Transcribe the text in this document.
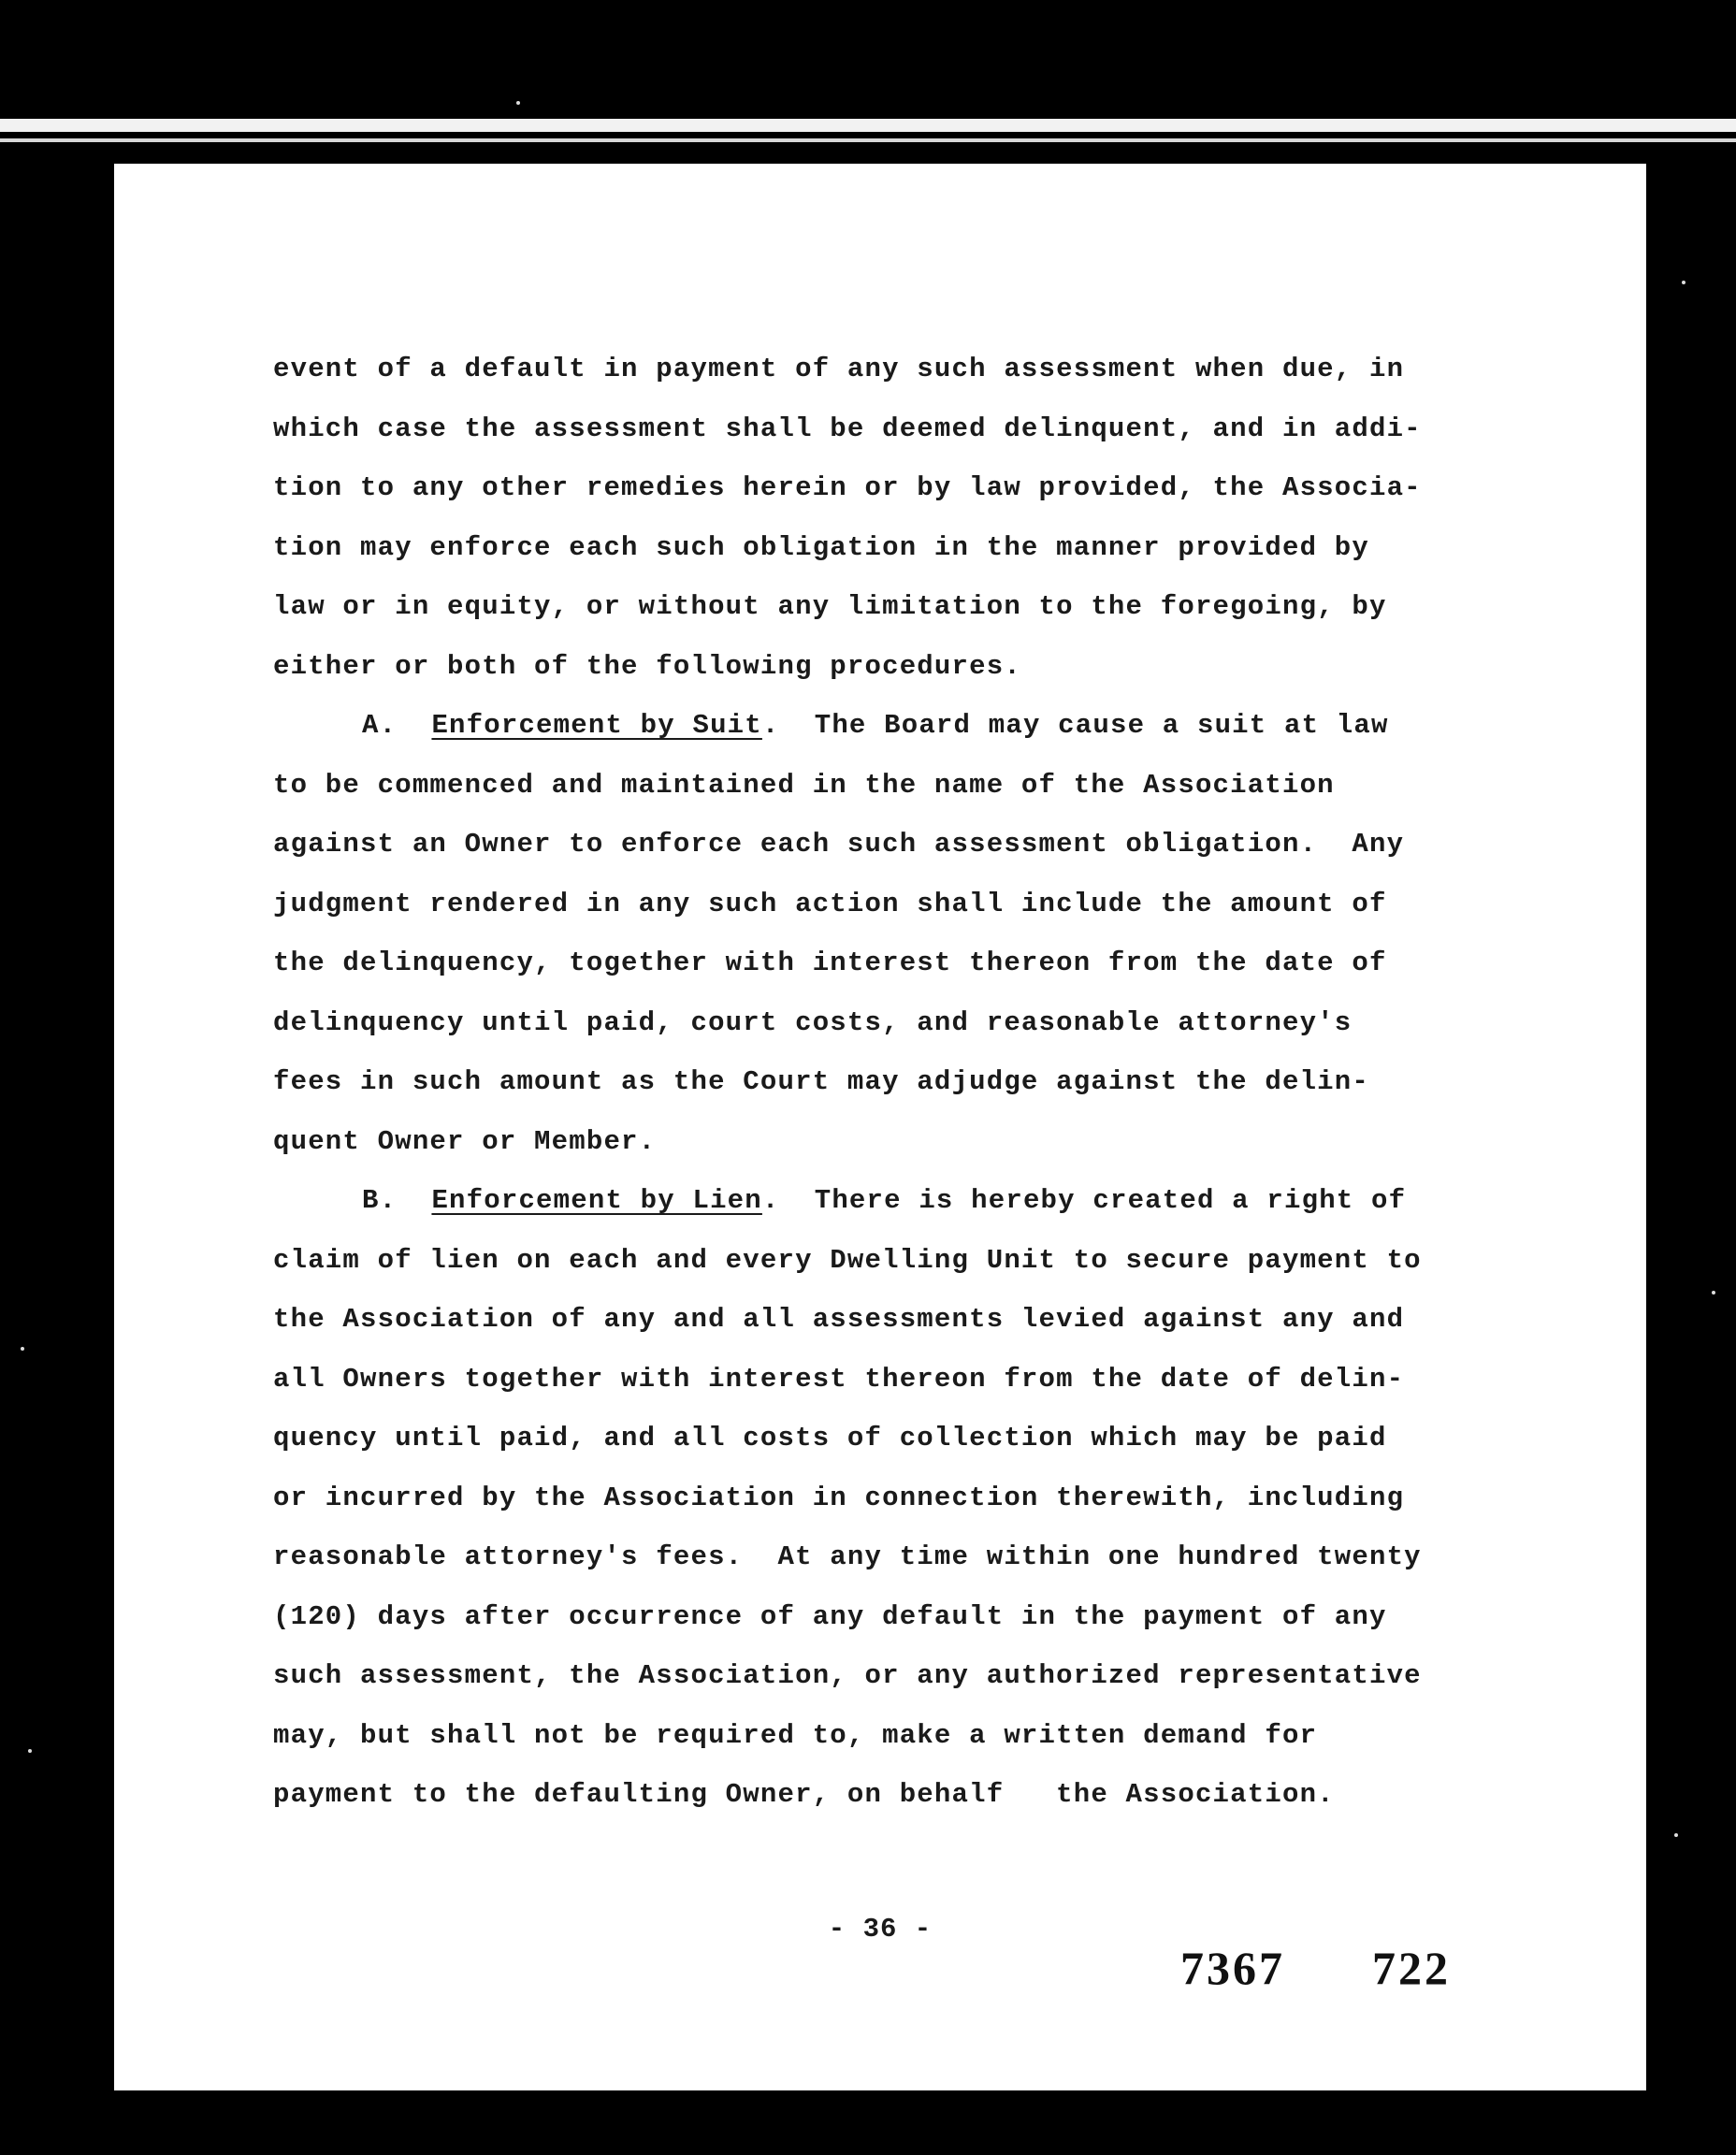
event of a default in payment of any such assessment when due, in
which case the assessment shall be deemed delinquent, and in addi-
tion to any other remedies herein or by law provided, the Associa-
tion may enforce each such obligation in the manner provided by
law or in equity, or without any limitation to the foregoing, by
either or both of the following procedures.
A. Enforcement by Suit.  The Board may cause a suit at law
to be commenced and maintained in the name of the Association
against an Owner to enforce each such assessment obligation.  Any
judgment rendered in any such action shall include the amount of
the delinquency, together with interest thereon from the date of
delinquency until paid, court costs, and reasonable attorney's
fees in such amount as the Court may adjudge against the delin-
quent Owner or Member.
B. Enforcement by Lien.  There is hereby created a right of
claim of lien on each and every Dwelling Unit to secure payment to
the Association of any and all assessments levied against any and
all Owners together with interest thereon from the date of delin-
quency until paid, and all costs of collection which may be paid
or incurred by the Association in connection therewith, including
reasonable attorney's fees.  At any time within one hundred twenty
(120) days after occurrence of any default in the payment of any
such assessment, the Association, or any authorized representative
may, but shall not be required to, make a written demand for
payment to the defaulting Owner, on behalf   the Association.
- 36 -
7367 722
